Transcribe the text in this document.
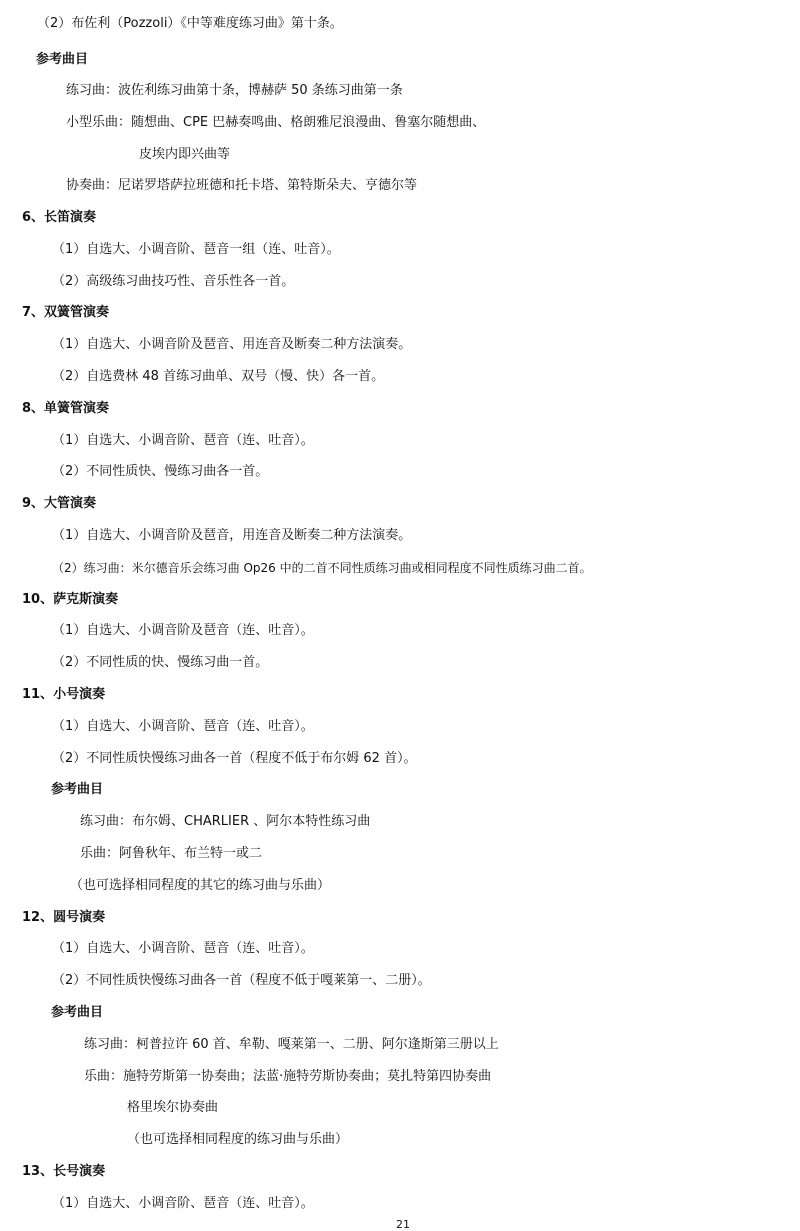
（2）布佐利（Pozzoli）《中等难度练习曲》第十条。
参考曲目
练习曲：波佐利练习曲第十条，博赫萨 50 条练习曲第一条
小型乐曲：随想曲、CPE 巴赫奏鸣曲、格朗雅尼浪漫曲、鲁塞尔随想曲、
皮埃内即兴曲等
协奏曲：尼诺罗塔萨拉班德和托卡塔、第特斯朵夫、亨德尔等
6、长笛演奏
（1）自选大、小调音阶、琶音一组（连、吐音）。
（2）高级练习曲技巧性、音乐性各一首。
7、双簧管演奏
（1）自选大、小调音阶及琶音、用连音及断奏二种方法演奏。
（2）自选费林 48 首练习曲单、双号（慢、快）各一首。
8、单簧管演奏
（1）自选大、小调音阶、琶音（连、吐音）。
（2）不同性质快、慢练习曲各一首。
9、大管演奏
（1）自选大、小调音阶及琶音，用连音及断奏二种方法演奏。
（2）练习曲：米尔德音乐会练习曲 Op26 中的二首不同性质练习曲或相同程度不同性质练习曲二首。
10、萨克斯演奏
（1）自选大、小调音阶及琶音（连、吐音）。
（2）不同性质的快、慢练习曲一首。
11、小号演奏
（1）自选大、小调音阶、琶音（连、吐音）。
（2）不同性质快慢练习曲各一首（程度不低于布尔姆 62 首）。
参考曲目
练习曲：布尔姆、CHARLIER 、阿尔本特性练习曲
乐曲：阿鲁秋年、布兰特一或二
（也可选择相同程度的其它的练习曲与乐曲）
12、圆号演奏
（1）自选大、小调音阶、琶音（连、吐音）。
（2）不同性质快慢练习曲各一首（程度不低于嘎莱第一、二册）。
参考曲目
练习曲：柯普拉许 60 首、牟勒、嘎莱第一、二册、阿尔逢斯第三册以上
乐曲：施特劳斯第一协奏曲；法蓝·施特劳斯协奏曲；莫扎特第四协奏曲
格里埃尔协奏曲
（也可选择相同程度的练习曲与乐曲）
13、长号演奏
（1）自选大、小调音阶、琶音（连、吐音）。
21
